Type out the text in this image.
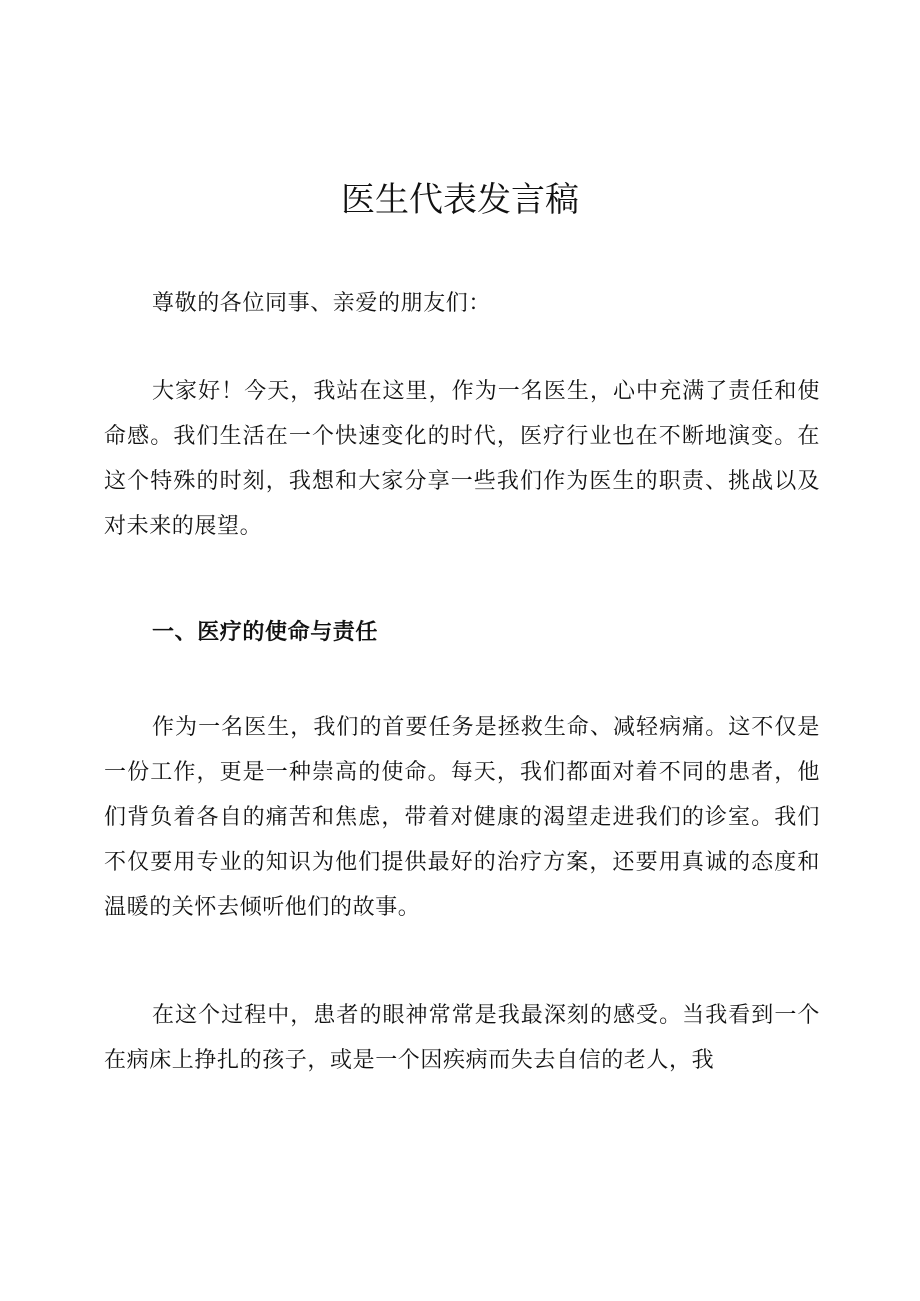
医生代表发言稿

尊敬的各位同事、亲爱的朋友们：

大家好！今天，我站在这里，作为一名医生，心中充满了责任和使命感。我们生活在一个快速变化的时代，医疗行业也在不断地演变。在这个特殊的时刻，我想和大家分享一些我们作为医生的职责、挑战以及对未来的展望。

一、医疗的使命与责任

作为一名医生，我们的首要任务是拯救生命、减轻病痛。这不仅是一份工作，更是一种崇高的使命。每天，我们都面对着不同的患者，他们背负着各自的痛苦和焦虑，带着对健康的渴望走进我们的诊室。我们不仅要用专业的知识为他们提供最好的治疗方案，还要用真诚的态度和温暖的关怀去倾听他们的故事。

在这个过程中，患者的眼神常常是我最深刻的感受。当我看到一个在病床上挣扎的孩子，或是一个因疾病而失去自信的老人，我
